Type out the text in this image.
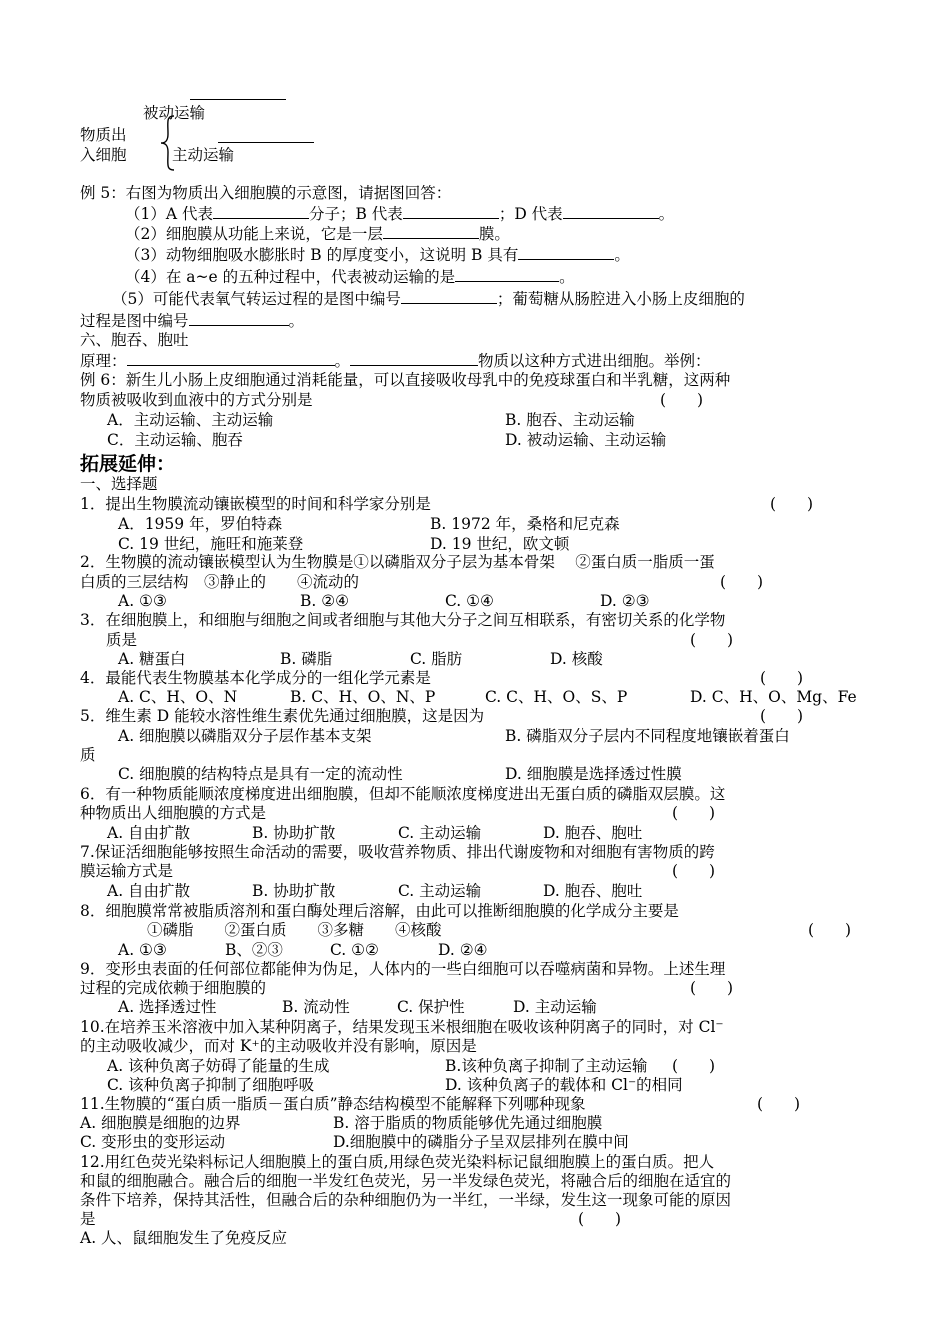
被动运输
物质出
入细胞	主动运输
例 5：右图为物质出入细胞膜的示意图，请据图回答：
（1）A 代表	分子；B 代表	；D 代表	。
（2）细胞膜从功能上来说，它是一层	膜。
（3）动物细胞吸水膨胀时 B 的厚度变小，这说明 B 具有	。
（4）在 a~e 的五种过程中，代表被动运输的是	。
（5）可能代表氧气转运过程的是图中编号	；葡萄糖从肠腔进入小肠上皮细胞的
过程是图中编号	。
六、胞吞、胞吐
原理：	。	物质以这种方式进出细胞。举例：
例 6：新生儿小肠上皮细胞通过消耗能量，可以直接吸收母乳中的免疫球蛋白和半乳糖，这两种
物质被吸收到血液中的方式分别是	(　　)
A．主动运输、主动运输	B. 胞吞、主动运输
C．主动运输、胞吞	D. 被动运输、主动运输
拓展延伸：
一、选择题
1．提出生物膜流动镶嵌模型的时间和科学家分别是	(　　)
A．1959 年，罗伯特森	B. 1972 年，桑格和尼克森
C. 19 世纪，施旺和施莱登	D. 19 世纪，欧文顿
2．生物膜的流动镶嵌模型认为生物膜是①以磷脂双分子层为基本骨架　 ②蛋白质一脂质一蛋
白质的三层结构　③静止的　　④流动的	(　　)
A. ①③	B. ②④	C. ①④	D. ②③
3．在细胞膜上，和细胞与细胞之间或者细胞与其他大分子之间互相联系，有密切关系的化学物
质是	(　　)
A. 糖蛋白	B. 磷脂	C. 脂肪	D. 核酸
4．最能代表生物膜基本化学成分的一组化学元素是	(　　)
A. C、H、O、N	B. C、H、O、N、P	C. C、H、O、S、P	D. C、H、O、Mg、Fe
5．维生素 D 能较水溶性维生素优先通过细胞膜，这是因为	(　　)
A. 细胞膜以磷脂双分子层作基本支架	B. 磷脂双分子层内不同程度地镶嵌着蛋白
质
C. 细胞膜的结构特点是具有一定的流动性	D. 细胞膜是选择透过性膜
6．有一种物质能顺浓度梯度进出细胞膜，但却不能顺浓度梯度进出无蛋白质的磷脂双层膜。这
种物质出人细胞膜的方式是	(　　)
A. 自由扩散	B. 协助扩散	C. 主动运输	D. 胞吞、胞吐
7.保证活细胞能够按照生命活动的需要，吸收营养物质、排出代谢废物和对细胞有害物质的跨
膜运输方式是	(　　)
A. 自由扩散	B. 协助扩散	C. 主动运输	D. 胞吞、胞吐
8．细胞膜常常被脂质溶剂和蛋白酶处理后溶解，由此可以推断细胞膜的化学成分主要是
①磷脂　　②蛋白质　　③多糖　　④核酸	(　　)
A. ①③	B、②③	C. ①②	D. ②④
9．变形虫表面的任何部位都能伸为伪足，人体内的一些白细胞可以吞噬病菌和异物。上述生理
过程的完成依赖于细胞膜的	(　　)
A. 选择透过性	B. 流动性	C. 保护性	D. 主动运输
10.在培养玉米溶液中加入某种阴离子，结果发现玉米根细胞在吸收该种阴离子的同时，对 Cl⁻
的主动吸收减少，而对 K⁺的主动吸收并没有影响，原因是
(　　)
A. 该种负离子妨碍了能量的生成	B.该种负离子抑制了主动运输
C. 该种负离子抑制了细胞呼吸	D. 该种负离子的载体和 Cl⁻的相同
11.生物膜的“蛋白质一脂质－蛋白质”静态结构模型不能解释下列哪种现象	(　　)
A. 细胞膜是细胞的边界	B. 溶于脂质的物质能够优先通过细胞膜
C. 变形虫的变形运动	D.细胞膜中的磷脂分子呈双层排列在膜中间
12.用红色荧光染料标记人细胞膜上的蛋白质,用绿色荧光染料标记鼠细胞膜上的蛋白质。把人
和鼠的细胞融合。融合后的细胞一半发红色荧光，另一半发绿色荧光，将融合后的细胞在适宜的
条件下培养，保持其活性，但融合后的杂种细胞仍为一半红，一半绿，发生这一现象可能的原因
是	(　　)
A. 人、鼠细胞发生了免疫反应
